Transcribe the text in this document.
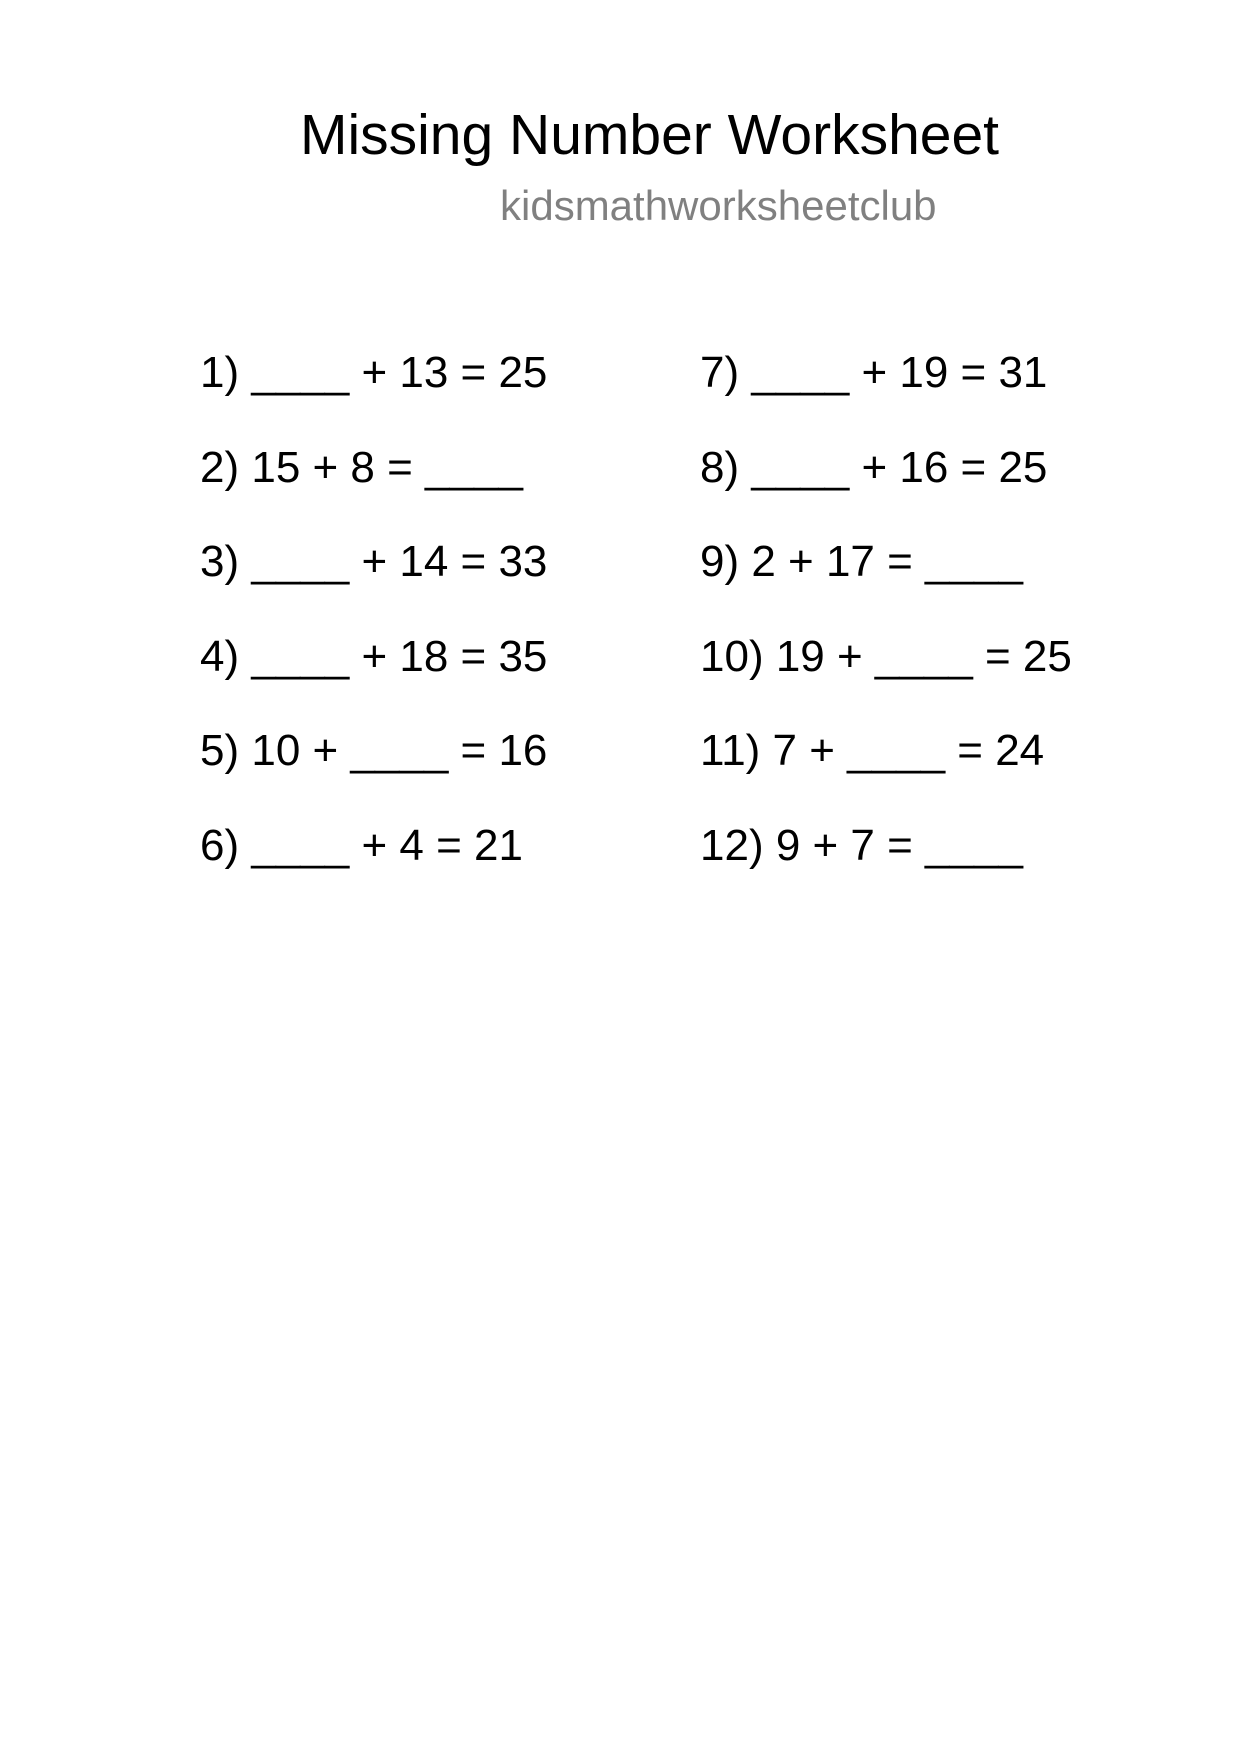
Missing Number Worksheet
kidsmathworksheetclub
1) ____ + 13 = 25
2) 15 + 8 = ____
3) ____ + 14 = 33
4) ____ + 18 = 35
5) 10 + ____ = 16
6) ____ + 4 = 21
7) ____ + 19 = 31
8) ____ + 16 = 25
9) 2 + 17 = ____
10) 19 + ____ = 25
11) 7 + ____ = 24
12) 9 + 7 = ____
